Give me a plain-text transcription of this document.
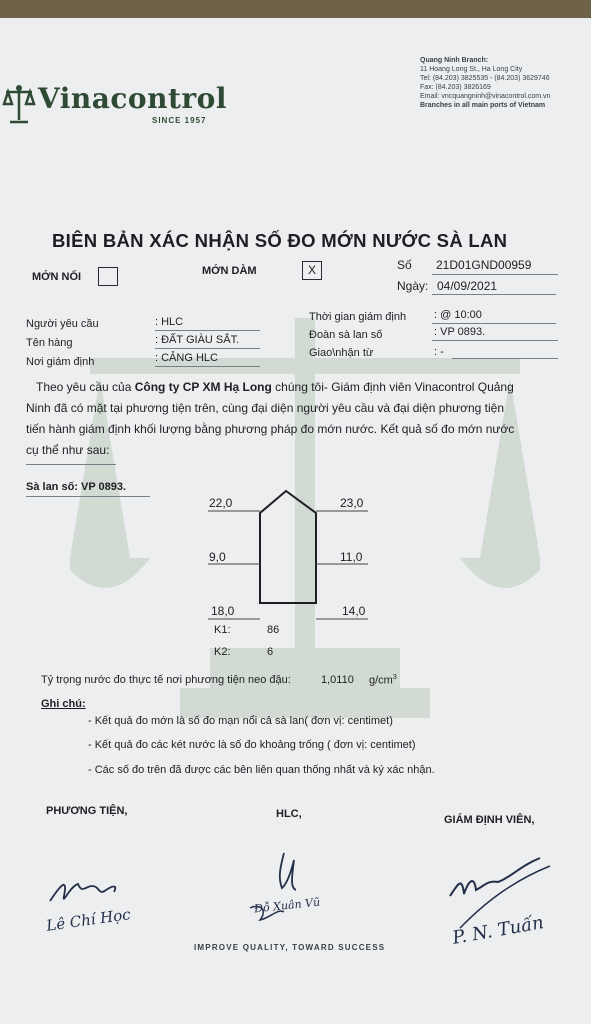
Vinacontrol
SINCE 1957
Quang Ninh Branch:
11 Hoang Long St., Ha Long City
Tel: (84.203) 3825535 - (84.203) 3629746
Fax: (84.203) 3826169
Email: vncquangninh@vinacontrol.com.vn
Branches in all main ports of Vietnam
BIÊN BẢN XÁC NHẬN SỐ ĐO MỚN NƯỚC SÀ LAN
MỚN NỔI	MỚN DÀM	X	Số 21D01GND00959
Ngày: 04/09/2021
Người yêu cầu	: HLC
Tên hàng	: ĐẤT GIÀU SẮT.
Nơi giám định	: CẢNG HLC
Thời gian giám định	: @ 10:00
Đoàn sà lan số	: VP 0893.
Giao\nhận từ	: -
Theo yêu cầu của Công ty CP XM Hạ Long chúng tôi- Giám định viên Vinacontrol Quảng
Ninh đã có mặt tại phương tiện trên, cùng đại diện người yêu cầu và đại diện phương tiện
tiến hành giám định khối lượng bằng phương pháp đo mớn nước. Kết quả số đo mớn nước
cụ thể như sau:
Sà lan số: VP 0893.
22,0	23,0
9,0	11,0
18,0	14,0
K1:	86
K2:	6
Tỷ trọng nước đo thực tế nơi phương tiện neo đậu:	1,0110 $g/cm^3$
Ghi chú:
- Kết quả đo mớn là số đo mạn nổi cả sà lan( đơn vị: centimet)
- Kết quả đo các két nước là số đo khoảng trống ( đơn vị: centimet)
- Các số đo trên đã được các bên liên quan thống nhất và ký xác nhận.
PHƯƠNG TIỆN,	HLC,	GIÁM ĐỊNH VIÊN,
Lê Chí Học	Đỗ Xuân Vũ
P. N. Tuấn
IMPROVE QUALITY, TOWARD SUCCESS
